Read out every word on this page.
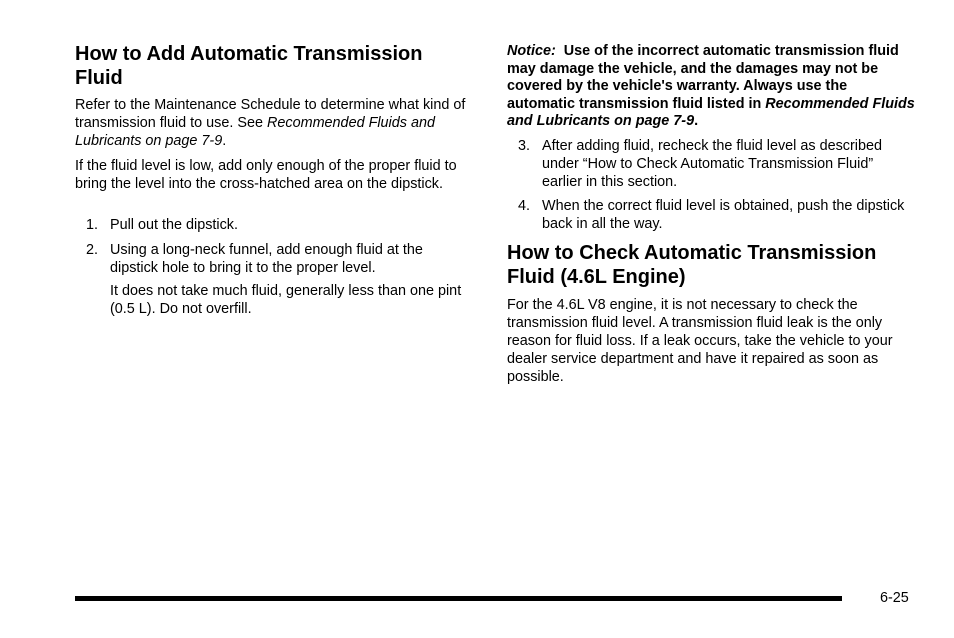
How to Add Automatic Transmission Fluid

Refer to the Maintenance Schedule to determine what kind of transmission fluid to use. See Recommended Fluids and Lubricants on page 7-9.

If the fluid level is low, add only enough of the proper fluid to bring the level into the cross-hatched area on the dipstick.

1. Pull out the dipstick.
2. Using a long-neck funnel, add enough fluid at the dipstick hole to bring it to the proper level.

It does not take much fluid, generally less than one pint (0.5 L). Do not overfill.

Notice: Use of the incorrect automatic transmission fluid may damage the vehicle, and the damages may not be covered by the vehicle's warranty. Always use the automatic transmission fluid listed in Recommended Fluids and Lubricants on page 7-9.

3. After adding fluid, recheck the fluid level as described under “How to Check Automatic Transmission Fluid” earlier in this section.
4. When the correct fluid level is obtained, push the dipstick back in all the way.
How to Check Automatic Transmission Fluid (4.6L Engine)

For the 4.6L V8 engine, it is not necessary to check the transmission fluid level. A transmission fluid leak is the only reason for fluid loss. If a leak occurs, take the vehicle to your dealer service department and have it repaired as soon as possible.

6-25
